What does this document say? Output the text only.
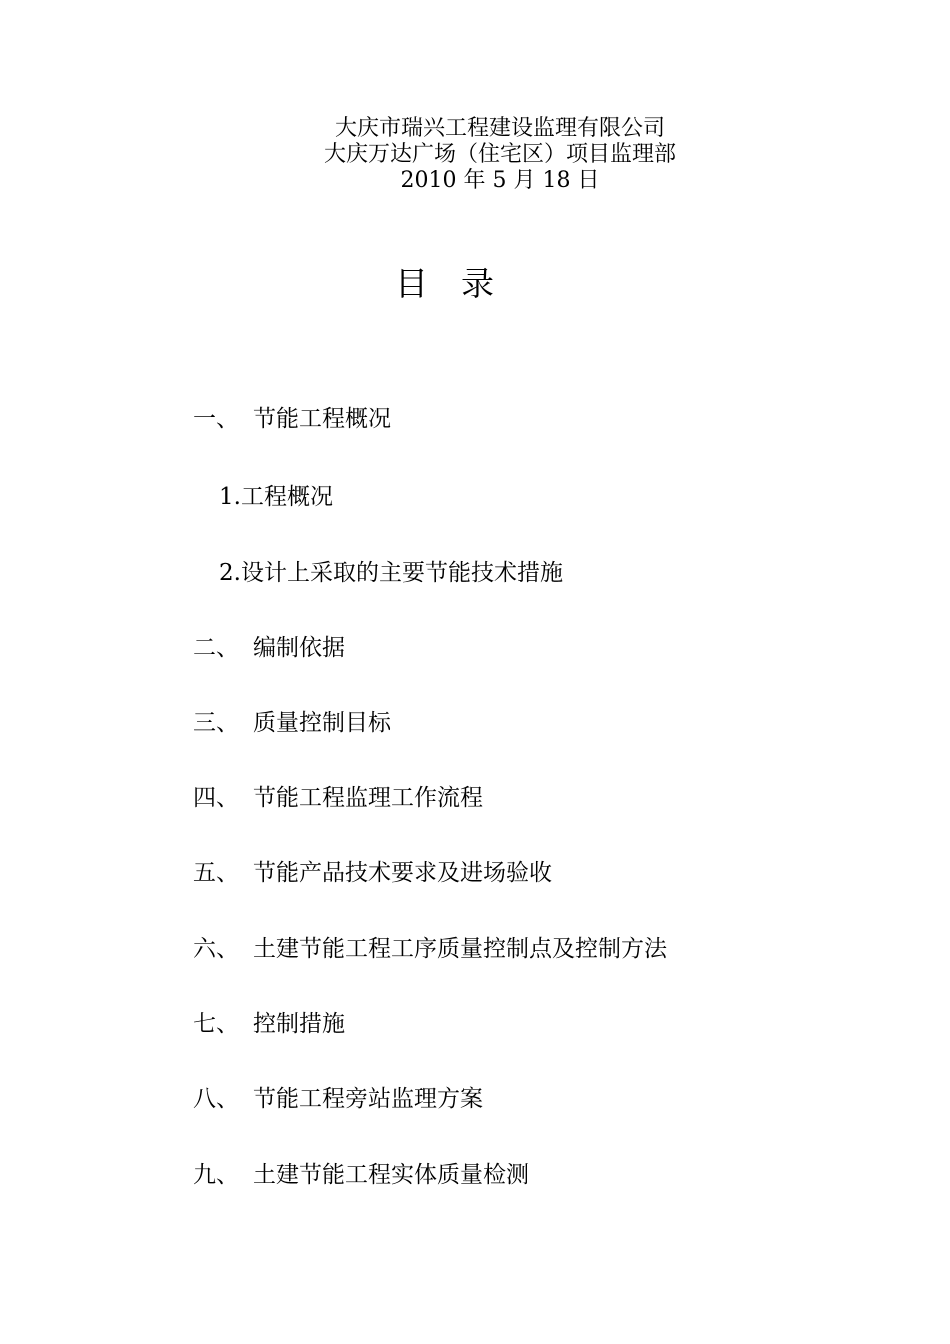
大庆市瑞兴工程建设监理有限公司
大庆万达广场（住宅区）项目监理部
2010 年 5 月 18 日
目 录
一、 节能工程概况
1.工程概况
2.设计上采取的主要节能技术措施
二、 编制依据
三、 质量控制目标
四、 节能工程监理工作流程
五、 节能产品技术要求及进场验收
六、 土建节能工程工序质量控制点及控制方法
七、 控制措施
八、 节能工程旁站监理方案
九、 土建节能工程实体质量检测
